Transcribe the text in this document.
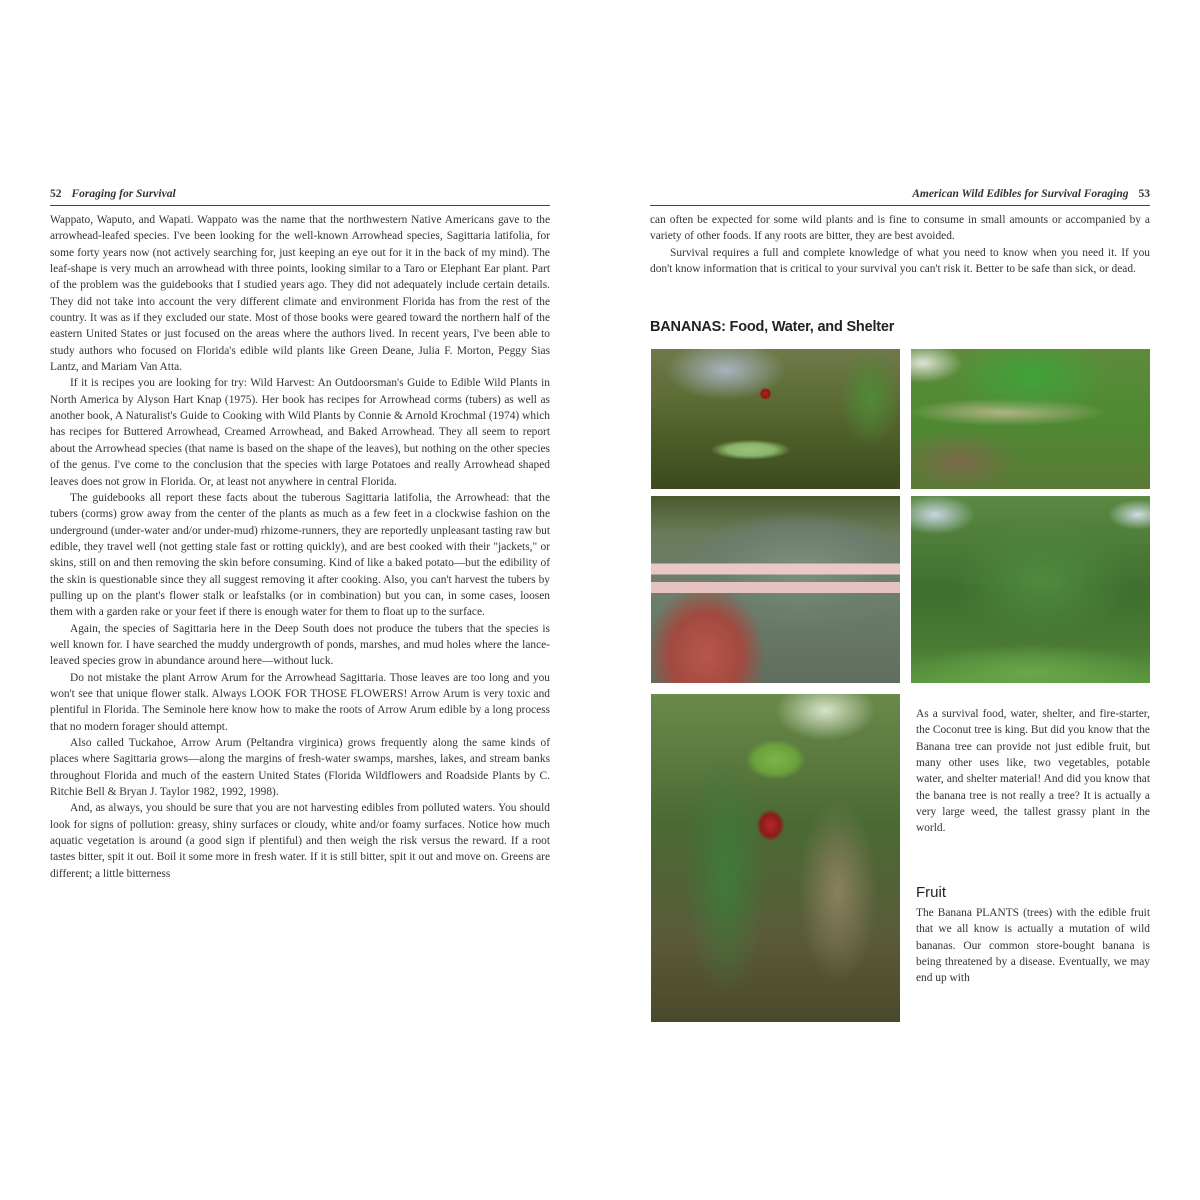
52 Foraging for Survival

Wappato, Waputo, and Wapati. Wappato was the name that the northwestern Native Americans gave to the arrowhead-leafed species. I've been looking for the well-known Arrowhead species, Sagittaria latifolia, for some forty years now (not actively searching for, just keeping an eye out for it in the back of my mind). The leaf-shape is very much an arrowhead with three points, looking similar to a Taro or Elephant Ear plant. Part of the problem was the guidebooks that I studied years ago. They did not adequately include certain details. They did not take into account the very different climate and environment Florida has from the rest of the country. It was as if they excluded our state. Most of those books were geared toward the northern half of the eastern United States or just focused on the areas where the authors lived. In recent years, I've been able to study authors who focused on Florida's edible wild plants like Green Deane, Julia F. Morton, Peggy Sias Lantz, and Mariam Van Atta.

If it is recipes you are looking for try: Wild Harvest: An Outdoorsman's Guide to Edible Wild Plants in North America by Alyson Hart Knap (1975). Her book has recipes for Arrowhead corms (tubers) as well as another book, A Naturalist's Guide to Cooking with Wild Plants by Connie & Arnold Krochmal (1974) which has recipes for Buttered Arrowhead, Creamed Arrowhead, and Baked Arrowhead. They all seem to report about the Arrowhead species (that name is based on the shape of the leaves), but nothing on the other species of the genus. I've come to the conclusion that the species with large Potatoes and really Arrowhead shaped leaves does not grow in Florida. Or, at least not anywhere in central Florida.

The guidebooks all report these facts about the tuberous Sagittaria latifolia, the Arrowhead: that the tubers (corms) grow away from the center of the plants as much as a few feet in a clockwise fashion on the underground (under-water and/or under-mud) rhizome-runners, they are reportedly unpleasant tasting raw but edible, they travel well (not getting stale fast or rotting quickly), and are best cooked with their "jackets," or skins, still on and then removing the skin before consuming. Kind of like a baked potato—but the edibility of the skin is questionable since they all suggest removing it after cooking. Also, you can't harvest the tubers by pulling up on the plant's flower stalk or leafstalks (or in combination) but you can, in some cases, loosen them with a garden rake or your feet if there is enough water for them to float up to the surface.

Again, the species of Sagittaria here in the Deep South does not produce the tubers that the species is well known for. I have searched the muddy undergrowth of ponds, marshes, and mud holes where the lance-leaved species grow in abundance around here—without luck.

Do not mistake the plant Arrow Arum for the Arrowhead Sagittaria. Those leaves are too long and you won't see that unique flower stalk. Always LOOK FOR THOSE FLOWERS! Arrow Arum is very toxic and plentiful in Florida. The Seminole here know how to make the roots of Arrow Arum edible by a long process that no modern forager should attempt.

Also called Tuckahoe, Arrow Arum (Peltandra virginica) grows frequently along the same kinds of places where Sagittaria grows—along the margins of fresh-water swamps, marshes, lakes, and stream banks throughout Florida and much of the eastern United States (Florida Wildflowers and Roadside Plants by C. Ritchie Bell & Bryan J. Taylor 1982, 1992, 1998).

And, as always, you should be sure that you are not harvesting edibles from polluted waters. You should look for signs of pollution: greasy, shiny surfaces or cloudy, white and/or foamy surfaces. Notice how much aquatic vegetation is around (a good sign if plentiful) and then weigh the risk versus the reward. If a root tastes bitter, spit it out. Boil it some more in fresh water. If it is still bitter, spit it out and move on. Greens are different; a little bitterness

American Wild Edibles for Survival Foraging 53

can often be expected for some wild plants and is fine to consume in small amounts or accompanied by a variety of other foods. If any roots are bitter, they are best avoided.

Survival requires a full and complete knowledge of what you need to know when you need it. If you don't know information that is critical to your survival you can't risk it. Better to be safe than sick, or dead.

BANANAS: Food, Water, and Shelter
As a survival food, water, shelter, and fire-starter, the Coconut tree is king. But did you know that the Banana tree can provide not just edible fruit, but many other uses like, two vegetables, potable water, and shelter material! And did you know that the banana tree is not really a tree? It is actually a very large weed, the tallest grassy plant in the world.
Fruit
The Banana PLANTS (trees) with the edible fruit that we all know is actually a mutation of wild bananas. Our common store-bought banana is being threatened by a disease. Eventually, we may end up with
